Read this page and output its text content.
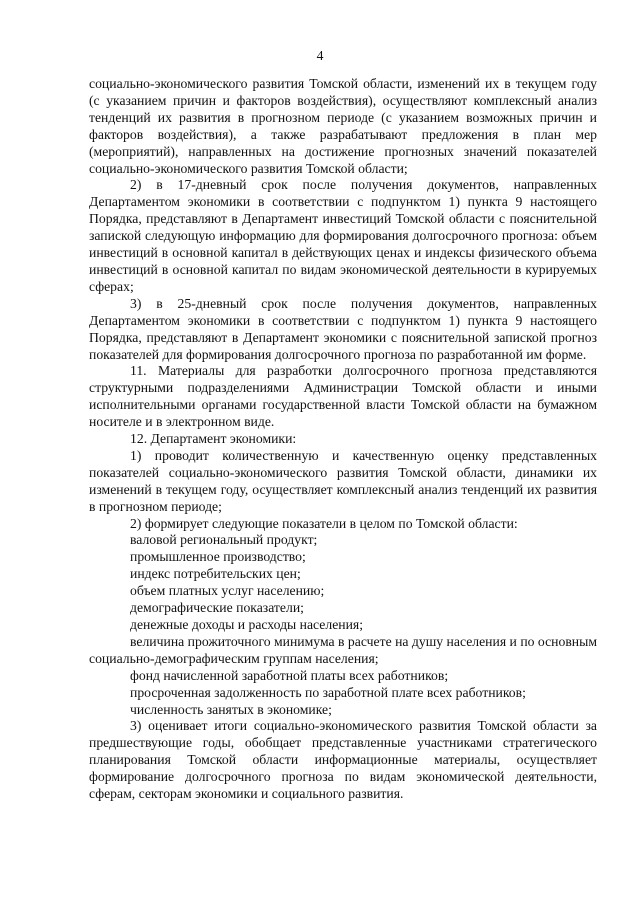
4

социально-экономического развития Томской области, изменений их в текущем году (с указанием причин и факторов воздействия), осуществляют комплексный анализ тенденций их развития в прогнозном периоде (с указанием возможных причин и факторов воздействия), а также разрабатывают предложения в план мер (мероприятий), направленных на достижение прогнозных значений показателей социально-экономического развития Томской области;

2) в 17-дневный срок после получения документов, направленных Департаментом экономики в соответствии с подпунктом 1) пункта 9 настоящего Порядка, представляют в Департамент инвестиций Томской области с пояснительной запиской следующую информацию для формирования долгосрочного прогноза: объем инвестиций в основной капитал в действующих ценах и индексы физического объема инвестиций в основной капитал по видам экономической деятельности в курируемых сферах;

3) в 25-дневный срок после получения документов, направленных Департаментом экономики в соответствии с подпунктом 1) пункта 9 настоящего Порядка, представляют в Департамент экономики с пояснительной запиской прогноз показателей для формирования долгосрочного прогноза по разработанной им форме.

11. Материалы для разработки долгосрочного прогноза представляются структурными подразделениями Администрации Томской области и иными исполнительными органами государственной власти Томской области на бумажном носителе и в электронном виде.

12. Департамент экономики:

1) проводит количественную и качественную оценку представленных показателей социально-экономического развития Томской области, динамики их изменений в текущем году, осуществляет комплексный анализ тенденций их развития в прогнозном периоде;

2) формирует следующие показатели в целом по Томской области:

валовой региональный продукт;

промышленное производство;

индекс потребительских цен;

объем платных услуг населению;

демографические показатели;

денежные доходы и расходы населения;

величина прожиточного минимума в расчете на душу населения и по основным социально-демографическим группам населения;

фонд начисленной заработной платы всех работников;

просроченная задолженность по заработной плате всех работников;

численность занятых в экономике;

3) оценивает итоги социально-экономического развития Томской области за предшествующие годы, обобщает представленные участниками стратегического планирования Томской области информационные материалы, осуществляет формирование долгосрочного прогноза по видам экономической деятельности, сферам, секторам экономики и социального развития.
